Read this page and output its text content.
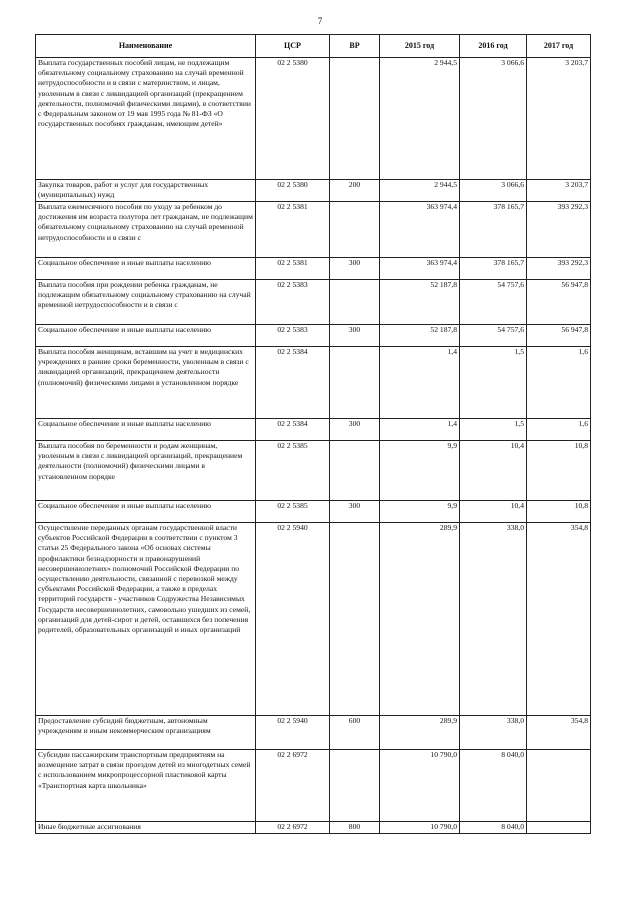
7
Наименование	ЦСР	ВР	2015 год	2016 год	2017 год
Выплата государственных пособий лицам, не подлежащим обязательному социальному страхованию на случай временной нетрудоспособности и в связи с материнством, и лицам, уволенным в связи с ликвидацией организаций (прекращением деятельности, полномочий физическими лицами), в соответствии с Федеральным законом от 19 мая 1995 года № 81-ФЗ «О государственных пособиях гражданам, имеющим детей»	02 2 5380		2 944,5	3 066,6	3 203,7
Закупка товаров, работ и услуг для государственных (муниципальных) нужд	02 2 5380	200	2 944,5	3 066,6	3 203,7
Выплата ежемесячного пособия по уходу за ребенком до достижения им возраста полутора лет гражданам, не подлежащим обязательному социальному страхованию на случай временной нетрудоспособности и в связи с	02 2 5381		363 974,4	378 165,7	393 292,3
Социальное обеспечение и иные выплаты населению	02 2 5381	300	363 974,4	378 165,7	393 292,3
Выплата пособия при рождении ребенка гражданам, не подлежащим обязательному социальному страхованию на случай временной нетрудоспособности и в связи с	02 2 5383		52 187,8	54 757,6	56 947,8
Социальное обеспечение и иные выплаты населению	02 2 5383	300	52 187,8	54 757,6	56 947,8
Выплата пособия женщинам, вставшим на учет в медицинских учреждениях в ранние сроки беременности, уволенным в связи с ликвидацией организаций, прекращением деятельности (полномочий) физическими лицами в установленном порядке	02 2 5384		1,4	1,5	1,6
Социальное обеспечение и иные выплаты населению	02 2 5384	300	1,4	1,5	1,6
Выплата пособия по беременности и родам женщинам, уволенным в связи с ликвидацией организаций, прекращением деятельности (полномочий) физическими лицами в установленном порядке	02 2 5385		9,9	10,4	10,8
Социальное обеспечение и иные выплаты населению	02 2 5385	300	9,9	10,4	10,8
Осуществление переданных органам государственной власти субъектов Российской Федерации в соответствии с пунктом 3 статьи 25 Федерального закона «Об основах системы профилактики безнадзорности и правонарушений несовершеннолетних» полномочий Российской Федерации по осуществлению деятельности, связанной с перевозкой между субъектами Российской Федерации, а также в пределах территорий государств - участников Содружества Независимых Государств несовершеннолетних, самовольно ушедших из семей, организаций для детей-сирот и детей, оставшихся без попечения родителей, образовательных организаций и иных организаций	02 2 5940		289,9	338,0	354,8
Предоставление субсидий бюджетным, автономным учреждениям и иным некоммерческим организациям	02 2 5940	600	289,9	338,0	354,8
Субсидии пассажирским транспортным предприятиям на возмещение затрат в связи проездом детей из многодетных семей с использованием микропроцессорной пластиковой карты «Транспортная карта школьника»	02 2 6972		10 790,0	8 040,0	
Иные бюджетные ассигнования	02 2 6972	800	10 790,0	8 040,0	
